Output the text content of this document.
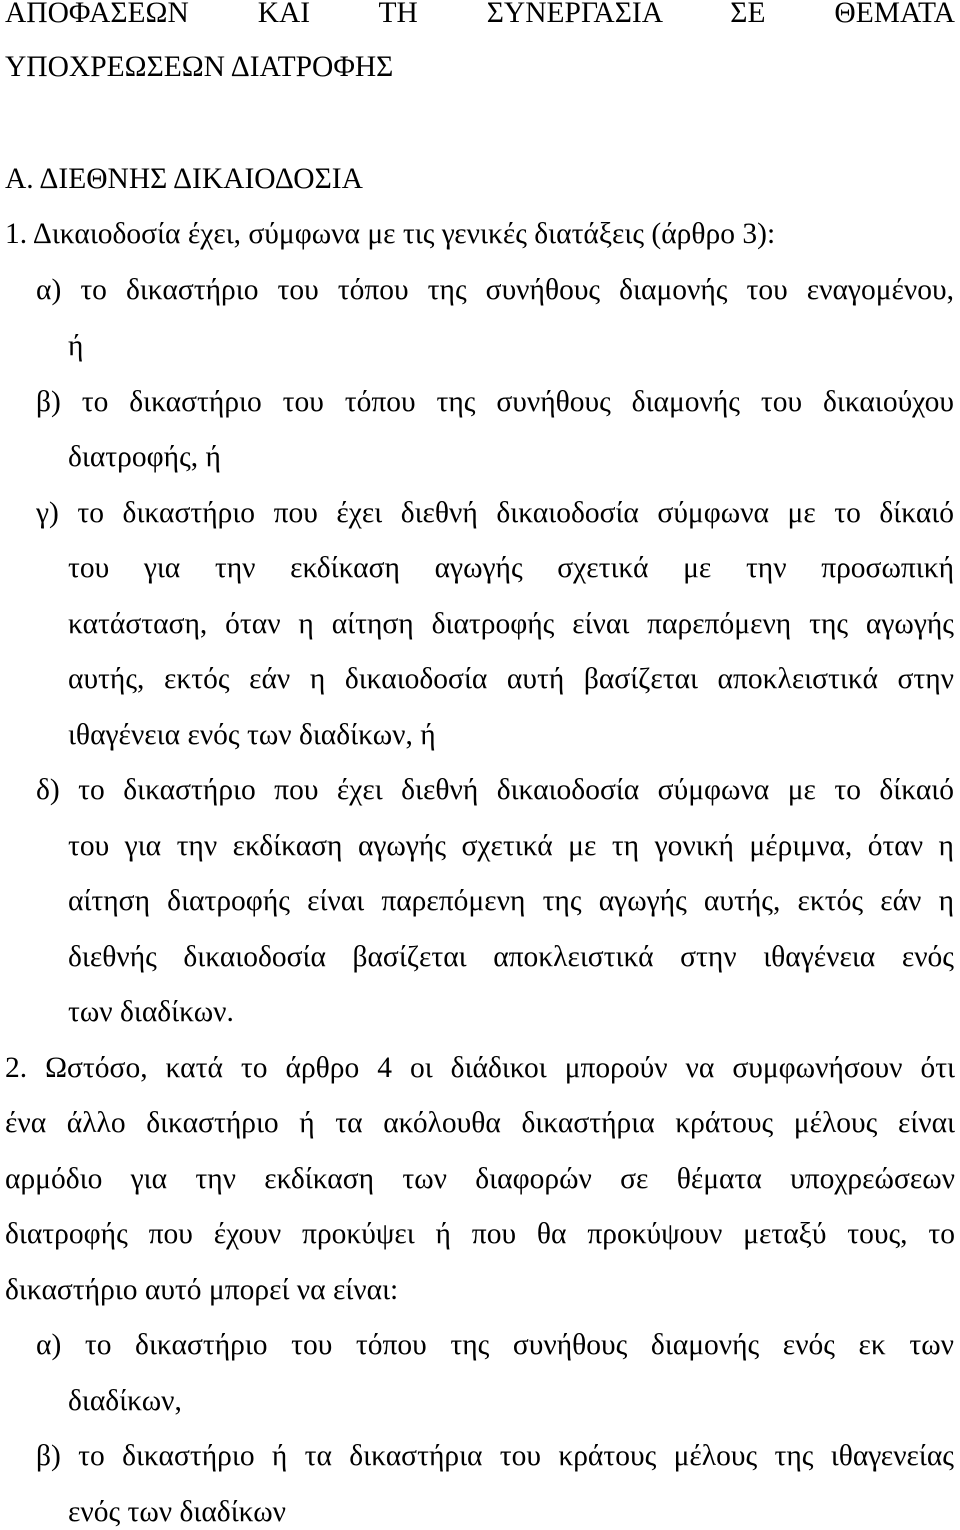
ΑΠΟΦΑΣΕΩΝ ΚΑΙ ΤΗ ΣΥΝΕΡΓΑΣΙΑ ΣΕ ΘΕΜΑΤΑ
ΥΠΟΧΡΕΩΣΕΩΝ ΔΙΑΤΡΟΦΗΣ
Α. ΔΙΕΘΝΗΣ ΔΙΚΑΙΟΔΟΣΙΑ
1. Δικαιοδοσία έχει, σύμφωνα με τις γενικές διατάξεις (άρθρο 3):
α) το δικαστήριο του τόπου της συνήθους διαμονής του εναγομένου,
ή
β) το δικαστήριο του τόπου της συνήθους διαμονής του δικαιούχου
διατροφής, ή
γ) το δικαστήριο που έχει διεθνή δικαιοδοσία σύμφωνα με το δίκαιό
του για την εκδίκαση αγωγής σχετικά με την προσωπική
κατάσταση, όταν η αίτηση διατροφής είναι παρεπόμενη της αγωγής
αυτής, εκτός εάν η δικαιοδοσία αυτή βασίζεται αποκλειστικά στην
ιθαγένεια ενός των διαδίκων, ή
δ) το δικαστήριο που έχει διεθνή δικαιοδοσία σύμφωνα με το δίκαιό
του για την εκδίκαση αγωγής σχετικά με τη γονική μέριμνα, όταν η
αίτηση διατροφής είναι παρεπόμενη της αγωγής αυτής, εκτός εάν η
διεθνής δικαιοδοσία βασίζεται αποκλειστικά στην ιθαγένεια ενός
των διαδίκων.
2. Ωστόσο, κατά το άρθρο 4 οι διάδικοι μπορούν να συμφωνήσουν ότι
ένα άλλο δικαστήριο ή τα ακόλουθα δικαστήρια κράτους μέλους είναι
αρμόδιο για την εκδίκαση των διαφορών σε θέματα υποχρεώσεων
διατροφής που έχουν προκύψει ή που θα προκύψουν μεταξύ τους, το
δικαστήριο αυτό μπορεί να είναι:
α) το δικαστήριο του τόπου της συνήθους διαμονής ενός εκ των
διαδίκων,
β) το δικαστήριο ή τα δικαστήρια του κράτους μέλους της ιθαγενείας
ενός των διαδίκων
